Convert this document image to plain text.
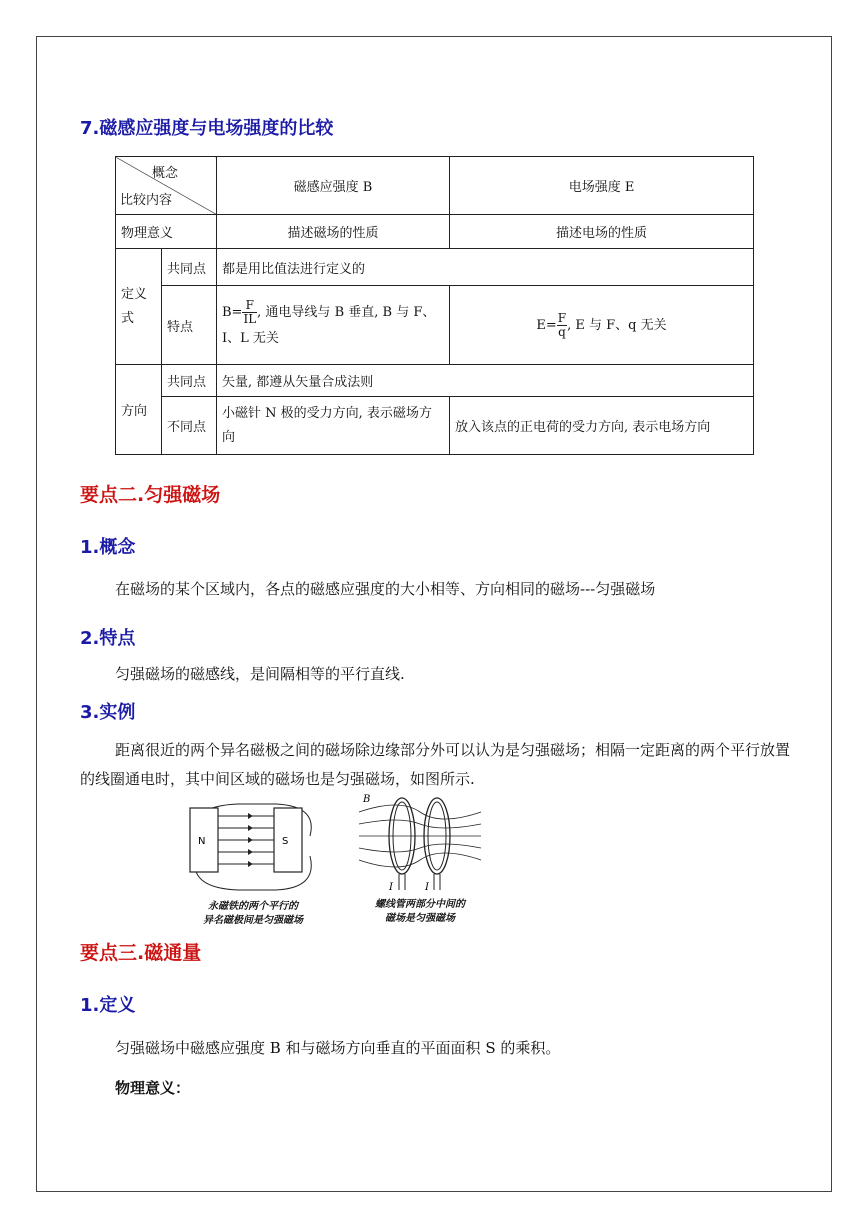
7.磁感应强度与电场强度的比较
概念
比较内容		磁感应强度 B	电场强度 E
物理意义		描述磁场的性质	描述电场的性质
定义
式	共同点	都是用比值法进行定义的	
	特点	$B= \frac{F}{IL}$ , 通电导线与 B 垂直, B 与 F、I、L 无关	$E= \frac{F}{q}$ , E 与 F、q 无关
方向	共同点	矢量, 都遵从矢量合成法则	
	不同点	小磁针 N 极的受力方向, 表示磁场方向	放入该点的正电荷的受力方向, 表示电场方向
要点二.匀强磁场
1.概念
在磁场的某个区域内，各点的磁感应强度的大小相等、方向相同的磁场---匀强磁场
2.特点
匀强磁场的磁感线，是间隔相等的平行直线.
3.实例
距离很近的两个异名磁极之间的磁场除边缘部分外可以认为是匀强磁场；相隔一定距离的两个平行放置的线圈通电时，其中间区域的磁场也是匀强磁场，如图所示.
N	S
永磁铁的两个平行的
异名磁极间是匀强磁场
B
I	I
螺线管两部分中间的
磁场是匀强磁场
要点三.磁通量
1.定义
匀强磁场中磁感应强度 B 和与磁场方向垂直的平面面积 S 的乘积。
物理意义：
